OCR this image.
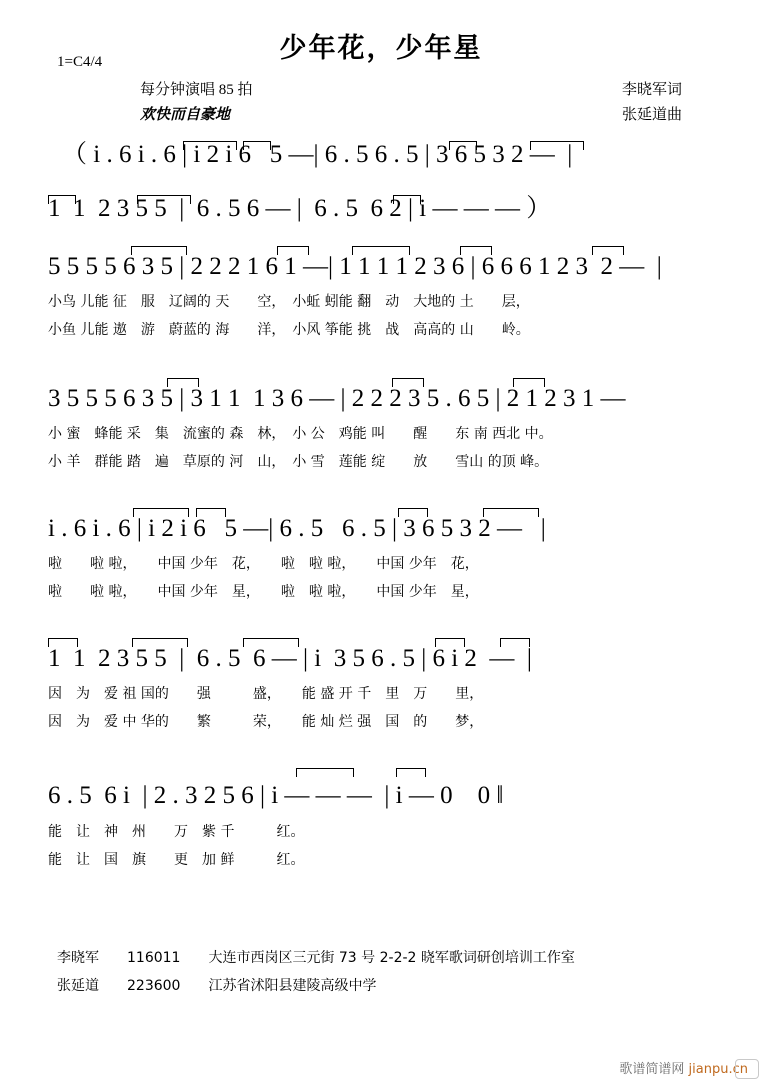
少年花，少年星
1=C4/4
每分钟演唱 85 拍
欢快而自豪地
李晓军词
张延道曲
（ i . 6 i . 6 | i 2 i 6   5 —| 6 . 5 6 . 5 | 3 6 5 3 2 —  |
1  1  2 3 5 5  |  6 . 5 6 — |  6 . 5  6 2 | i — — — ）
5 5 5 5 6 3 5 | 2 2 2 1 6 1 —| 1 1 1 1 2 3 6 | 6 6 6 1 2 3  2 —  |
小鸟 儿能 征　服　辽阔的 天　　空，　小蚯 蚓能 翻　动　大地的 土　　层，
小鱼 儿能 遨　游　蔚蓝的 海　　洋，　小风 筝能 挑　战　高高的 山　　岭。
3 5 5 5 6 3 5 | 3 1 1  1 3 6 — | 2 2 2 3 5 . 6 5 | 2 1 2 3 1 —
小 蜜　蜂能 采　集　流蜜的 森　林，　小 公　鸡能 叫　　醒　　东 南 西北 中。
小 羊　群能 踏　遍　草原的 河　山，　小 雪　莲能 绽　　放　　雪山 的顶 峰。
i . 6 i . 6 | i 2 i 6   5 —| 6 . 5   6 . 5 | 3 6 5 3 2 —   |
啦　　啦 啦，　　中国 少年　花，　　啦　啦 啦，　　中国 少年　花，
啦　　啦 啦，　　中国 少年　星，　　啦　啦 啦，　　中国 少年　星，
1  1  2 3 5 5  |  6 . 5  6 — | i  3 5 6 . 5 | 6 i 2  —  |
因　为　爱 祖 国的　　强　　　盛，　　能 盛 开 千　里　万　　里，
因　为　爱 中 华的　　繁　　　荣，　　能 灿 烂 强　国　的　　梦，
6 . 5  6 i  | 2 . 3 2 5 6 | i — — —  | i — 0　0 ‖
能　让　神　州　　万　紫 千　　　红。
能　让　国　旗　　更　加 鲜　　　红。
李晓军　　116011　　大连市西岗区三元街 73 号 2-2-2 晓军歌词研创培训工作室
张延道　　223600　　江苏省沭阳县建陵高级中学
歌谱简谱网 jianpu.cn
